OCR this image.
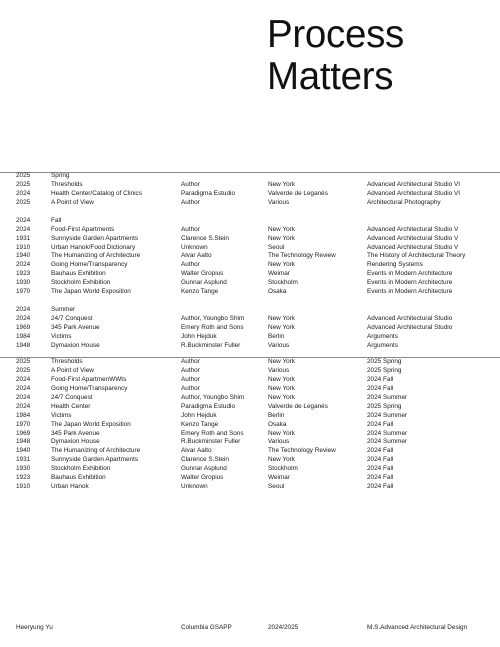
Process
Matters
2025	Spring
2025	Thresholds	Author	New York	Advanced Architectural Studio VI
2024	Health Center/Catalog of Clinics	Paradigma Estudio	Valverde de Leganés	Advanced Architectural Studio VI
2025	A Point of View	Author	Various	Architectural Photography
2024	Fall
2024	Food-First Apartments	Author	New York	Advanced Architectural Studio V
1931	Sunnyside Garden Apartments	Clarence S.Stein	New York	Advanced Architectural Studio V
1910	Urban Hanok/Food Dictionary	Unknown	Seoul	Advanced Architectural Studio V
1940	The Humanizing of Architecture	Alvar Aalto	The Technology Review	The History of Architectural Theory
2024	Going Home/Transparency	Author	New York	Rendering Systems
1923	Bauhaus Exhibition	Walter Gropius	Weimar	Events in Modern Architecture
1930	Stockholm Exhibition	Gunnar Asplund	Stockholm	Events in Modern Architecture
1970	The Japan World Exposition	Kenzo Tange	Osaka	Events in Modern Architecture
2024	Summer
2024	24/7 Conquest	Author, Youngbo Shim	New York	Advanced Architectural Studio
1969	345 Park Avenue	Emery Roth and Sons	New York	Advanced Architectural Studio
1984	Victims	John Hejduk	Berlin	Arguments
1948	Dymaxion House	R.Buckminster Fuller	Various	Arguments
2025	Thresholds	Author	New York	2025 Spring
2025	A Point of View	Author	Various	2025 Spring
2024	Food-First ApartmenWWts	Author	New York	2024 Fall
2024	Going Home/Transparency	Author	New York	2024 Fall
2024	24/7 Conquest	Author, Youngbo Shim	New York	2024 Summer
2024	Health Center	Paradigma Estudio	Valverde de Leganés	2025 Spring
1984	Victims	John Hejduk	Berlin	2024 Summer
1970	The Japan World Exposition	Kenzo Tange	Osaka	2024 Fall
1969	345 Park Avenue	Emery Roth and Sons	New York	2024 Summer
1948	Dymaxion House	R.Buckminster Fuller	Various	2024 Summer
1940	The Humanizing of Architecture	Alvar Aalto	The Technology Review	2024 Fall
1931	Sunnyside Garden Apartments	Clarence S.Stein	New York	2024 Fall
1930	Stockholm Exhibition	Gunnar Asplund	Stockholm	2024 Fall
1923	Bauhaus Exhibition	Walter Gropius	Weimar	2024 Fall
1910	Urban Hanok	Unknown	Seoul	2024 Fall
Heeryung Yu	Columbia GSAPP	2024/2025	M.S.Advanced Architectural Design
